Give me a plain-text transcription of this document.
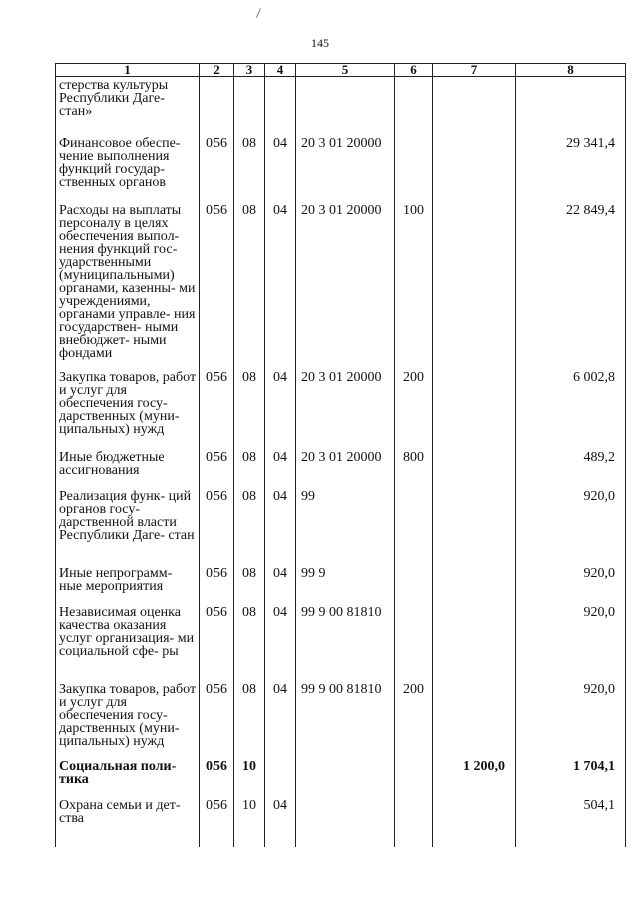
145
1	2	3	4	5	6	7	8

стерства культуры Республики Даге- стан»							

Финансовое обеспе- чение выполнения функций государ- ственных органов	056	08	04	20 3 01 20000			29 341,4

Расходы на выплаты персоналу в целях обеспечения выпол- нения функций гос- ударственными (муниципальными) органами, казенны- ми учреждениями, органами управле- ния государствен- ными внебюджет- ными фондами	056	08	04	20 3 01 20000	100		22 849,4

Закупка товаров, работ и услуг для обеспечения госу- дарственных (муни- ципальных) нужд	056	08	04	20 3 01 20000	200		6 002,8

Иные бюджетные ассигнования	056	08	04	20 3 01 20000	800		489,2

Реализация функ- ций органов госу- дарственной власти Республики Даге- стан	056	08	04	99			920,0

Иные непрограмм- ные мероприятия	056	08	04	99 9			920,0

Независимая оценка качества оказания услуг организация- ми социальной сфе- ры	056	08	04	99 9 00 81810			920,0

Закупка товаров, работ и услуг для обеспечения госу- дарственных (муни- ципальных) нужд	056	08	04	99 9 00 81810	200		920,0

Социальная поли- тика	056	10				1 200,0	1 704,1

Охрана семьи и дет- ства	056	10	04				504,1
